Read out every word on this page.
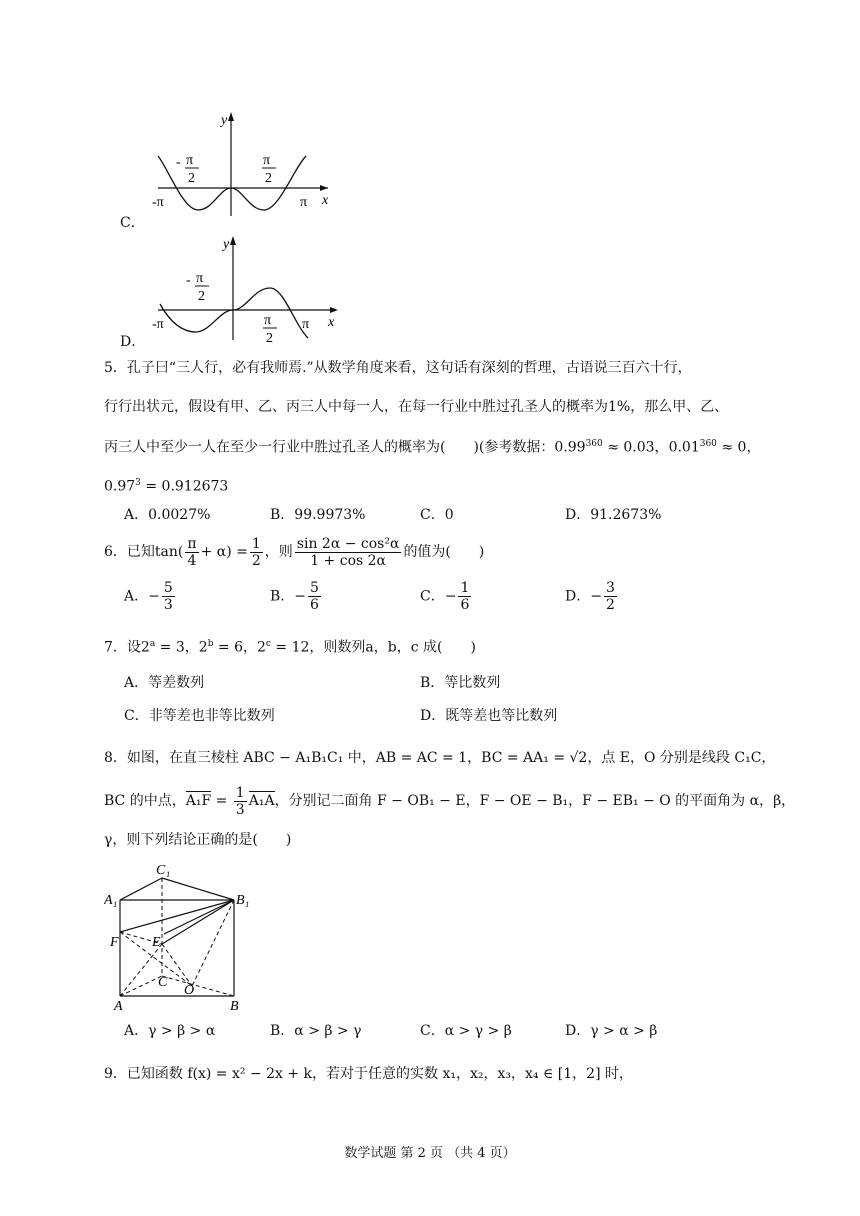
C．
y
x
-π	π
- π
2
π
2
D．
y
x
-π	π
- π
2
π
2
5．孔子曰“三人行，必有我师焉.”从数学角度来看，这句话有深刻的哲理，古语说三百六十行，
行行出状元，假设有甲、乙、丙三人中每一人，在每一行业中胜过孔圣人的概率为1%，那么甲、乙、
丙三人中至少一人在至少一行业中胜过孔圣人的概率为(　　)(参考数据：$0.99^{360} \approx 0.03$，$0.01^{360} \approx 0$，
$0.97^3 = 0.912673$
A．0.0027%	B．99.9973%	C．0	D．91.2673%
6．已知$\tan( \frac{\pi}{4} + \alpha) = \frac{1}{2}$ ，则 $\frac{\text{sin 2α − cos²α}}{1 + \cos 2\alpha}$ 的值为(　　)
A．− $\frac{5}{3}$	B．− $\frac{5}{6}$	C．− $\frac{1}{6}$	D．− $\frac{3}{2}$
7．设$2^a = 3$，$2^b = 6$，$2^c = 12$，则数列a，b，c 成(　　)
A．等差数列	B．等比数列
C．非等差也非等比数列	D．既等差也等比数列
8．如图，在直三棱柱 ABC − A₁B₁C₁ 中，AB = AC = 1，BC = AA₁ = √2，点 E，O 分别是线段 C₁C，
BC 的中点，$A_1F = \frac{1}{3} A_1A$，分别记二面角 F − OB₁ − E，F − OE − B₁，F − EB₁ − O 的平面角为 α，β，
γ，则下列结论正确的是(　　)
C₁
A₁	B₁
F E
C
O
A	B
A．γ > β > α	B．α > β > γ	C．α > γ > β	D．γ > α > β
9．已知函数 f(x) = x² − 2x + k，若对于任意的实数 x₁，x₂，x₃，x₄ ∈ [1，2] 时，
数学试题 第 2 页 （共 4 页）
